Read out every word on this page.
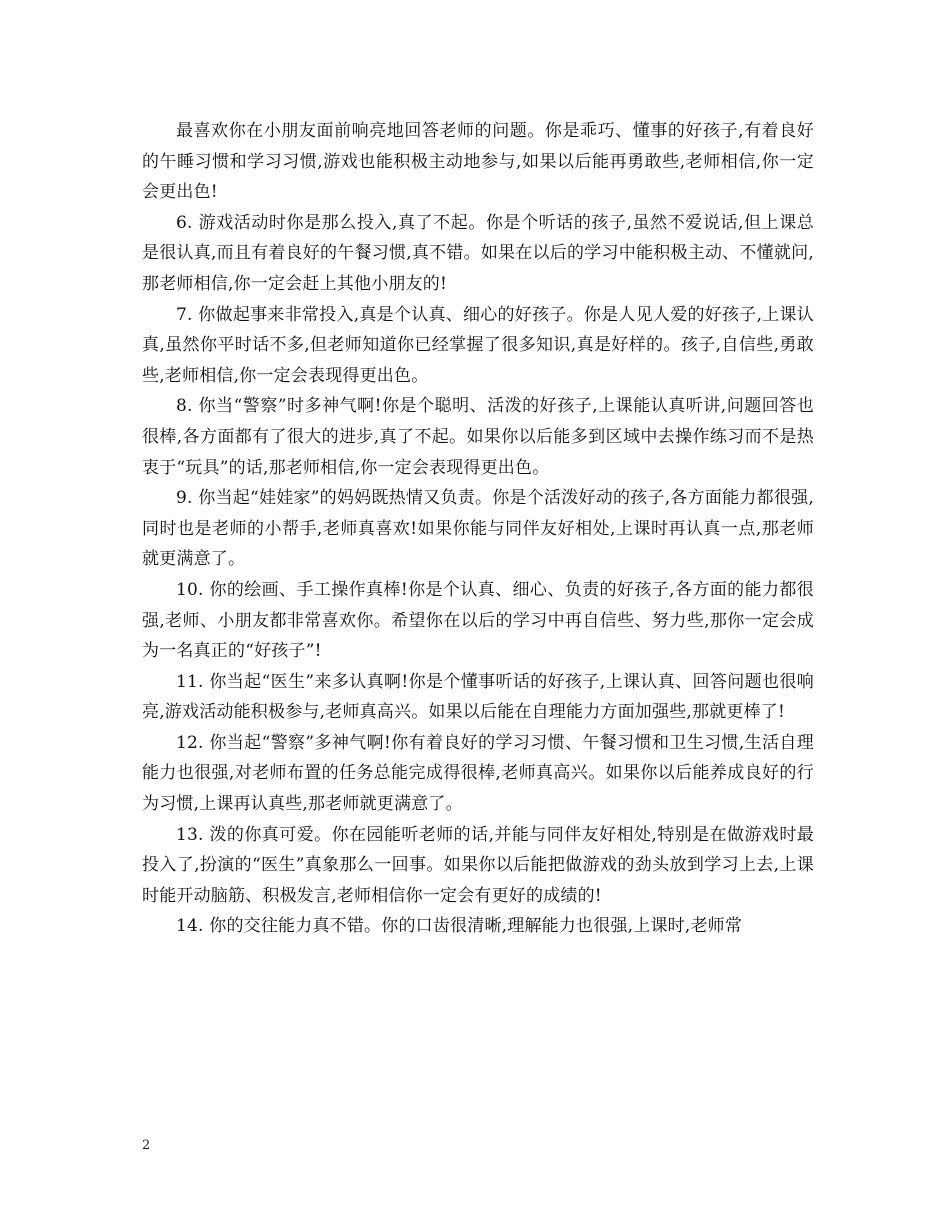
最喜欢你在小朋友面前响亮地回答老师的问题。你是乖巧、懂事的好孩子,有着良好的午睡习惯和学习习惯,游戏也能积极主动地参与,如果以后能再勇敢些,老师相信,你一定会更出色!

6. 游戏活动时你是那么投入,真了不起。你是个听话的孩子,虽然不爱说话,但上课总是很认真,而且有着良好的午餐习惯,真不错。如果在以后的学习中能积极主动、不懂就问,那老师相信,你一定会赶上其他小朋友的!

7. 你做起事来非常投入,真是个认真、细心的好孩子。你是人见人爱的好孩子,上课认真,虽然你平时话不多,但老师知道你已经掌握了很多知识,真是好样的。孩子,自信些,勇敢些,老师相信,你一定会表现得更出色。

8. 你当“警察”时多神气啊!你是个聪明、活泼的好孩子,上课能认真听讲,问题回答也很棒,各方面都有了很大的进步,真了不起。如果你以后能多到区域中去操作练习而不是热衷于“玩具”的话,那老师相信,你一定会表现得更出色。

9. 你当起“娃娃家”的妈妈既热情又负责。你是个活泼好动的孩子,各方面能力都很强,同时也是老师的小帮手,老师真喜欢!如果你能与同伴友好相处,上课时再认真一点,那老师就更满意了。

10. 你的绘画、手工操作真棒!你是个认真、细心、负责的好孩子,各方面的能力都很强,老师、小朋友都非常喜欢你。希望你在以后的学习中再自信些、努力些,那你一定会成为一名真正的“好孩子”!

11. 你当起“医生”来多认真啊!你是个懂事听话的好孩子,上课认真、回答问题也很响亮,游戏活动能积极参与,老师真高兴。如果以后能在自理能力方面加强些,那就更棒了!

12. 你当起“警察”多神气啊!你有着良好的学习习惯、午餐习惯和卫生习惯,生活自理能力也很强,对老师布置的任务总能完成得很棒,老师真高兴。如果你以后能养成良好的行为习惯,上课再认真些,那老师就更满意了。

13. 泼的你真可爱。你在园能听老师的话,并能与同伴友好相处,特别是在做游戏时最投入了,扮演的“医生”真象那么一回事。如果你以后能把做游戏的劲头放到学习上去,上课时能开动脑筋、积极发言,老师相信你一定会有更好的成绩的!

14. 你的交往能力真不错。你的口齿很清晰,理解能力也很强,上课时,老师常

2
